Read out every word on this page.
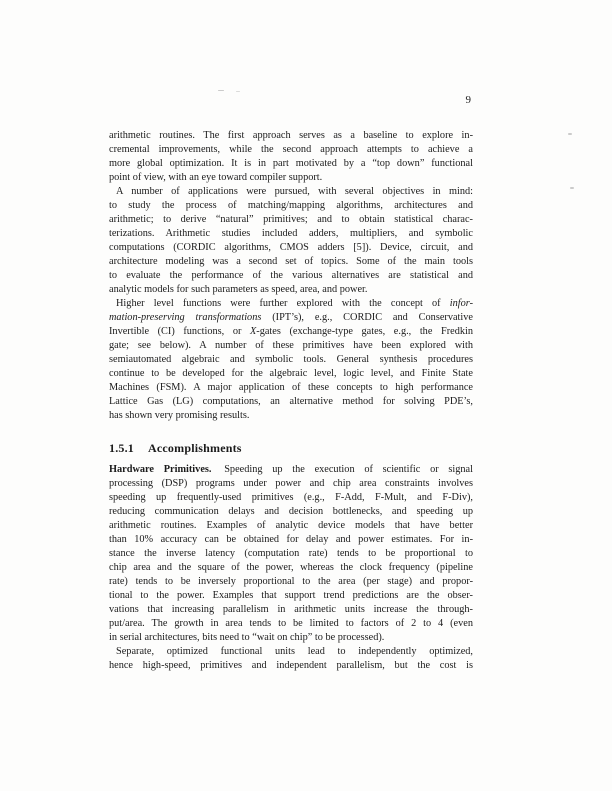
9
arithmetic routines. The first approach serves as a baseline to explore in-
cremental improvements, while the second approach attempts to achieve a
more global optimization. It is in part motivated by a “top down” functional
point of view, with an eye toward compiler support.
A number of applications were pursued, with several objectives in mind:
to study the process of matching/mapping algorithms, architectures and
arithmetic; to derive “natural” primitives; and to obtain statistical charac-
terizations. Arithmetic studies included adders, multipliers, and symbolic
computations (CORDIC algorithms, CMOS adders [5]). Device, circuit, and
architecture modeling was a second set of topics. Some of the main tools
to evaluate the performance of the various alternatives are statistical and
analytic models for such parameters as speed, area, and power.
Higher level functions were further explored with the concept of infor-
mation-preserving transformations (IPT’s), e.g., CORDIC and Conservative
Invertible (CI) functions, or X-gates (exchange-type gates, e.g., the Fredkin
gate; see below). A number of these primitives have been explored with
semiautomated algebraic and symbolic tools. General synthesis procedures
continue to be developed for the algebraic level, logic level, and Finite State
Machines (FSM). A major application of these concepts to high performance
Lattice Gas (LG) computations, an alternative method for solving PDE’s,
has shown very promising results.
1.5.1 Accomplishments
Hardware Primitives. Speeding up the execution of scientific or signal
processing (DSP) programs under power and chip area constraints involves
speeding up frequently-used primitives (e.g., F-Add, F-Mult, and F-Div),
reducing communication delays and decision bottlenecks, and speeding up
arithmetic routines. Examples of analytic device models that have better
than 10% accuracy can be obtained for delay and power estimates. For in-
stance the inverse latency (computation rate) tends to be proportional to
chip area and the square of the power, whereas the clock frequency (pipeline
rate) tends to be inversely proportional to the area (per stage) and propor-
tional to the power. Examples that support trend predictions are the obser-
vations that increasing parallelism in arithmetic units increase the through-
put/area. The growth in area tends to be limited to factors of 2 to 4 (even
in serial architectures, bits need to “wait on chip” to be processed).
Separate, optimized functional units lead to independently optimized,
hence high-speed, primitives and independent parallelism, but the cost is
